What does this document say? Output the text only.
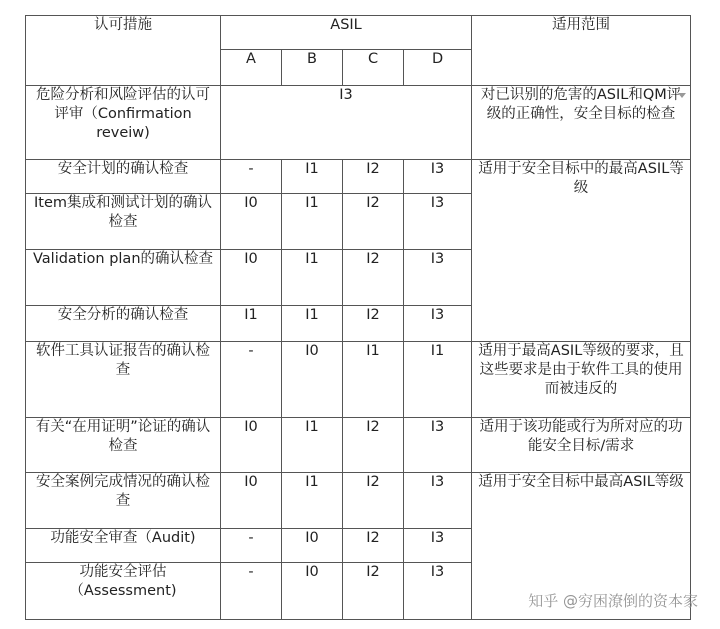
认可措施	ASIL				适用范围
	A	B	C	D	
危险分析和风险评估的认可评审（Confirmation reveiw)	I3				对已识别的危害的ASIL和QM评级的正确性，安全目标的检查
安全计划的确认检查	-	I1	I2	I3	适用于安全目标中的最高ASIL等级
Item集成和测试计划的确认检查	I0	I1	I2	I3	
Validation plan的确认检查	I0	I1	I2	I3	
安全分析的确认检查	I1	I1	I2	I3	
软件工具认证报告的确认检查	-	I0	I1	I1	适用于最高ASIL等级的要求，且这些要求是由于软件工具的使用而被违反的
有关“在用证明”论证的确认检查	I0	I1	I2	I3	适用于该功能或行为所对应的功能安全目标/需求
安全案例完成情况的确认检查	I0	I1	I2	I3	适用于安全目标中最高ASIL等级
功能安全审查（Audit)	-	I0	I2	I3	
功能安全评估（Assessment)	-	I0	I2	I3	
知乎 @穷困潦倒的资本家
